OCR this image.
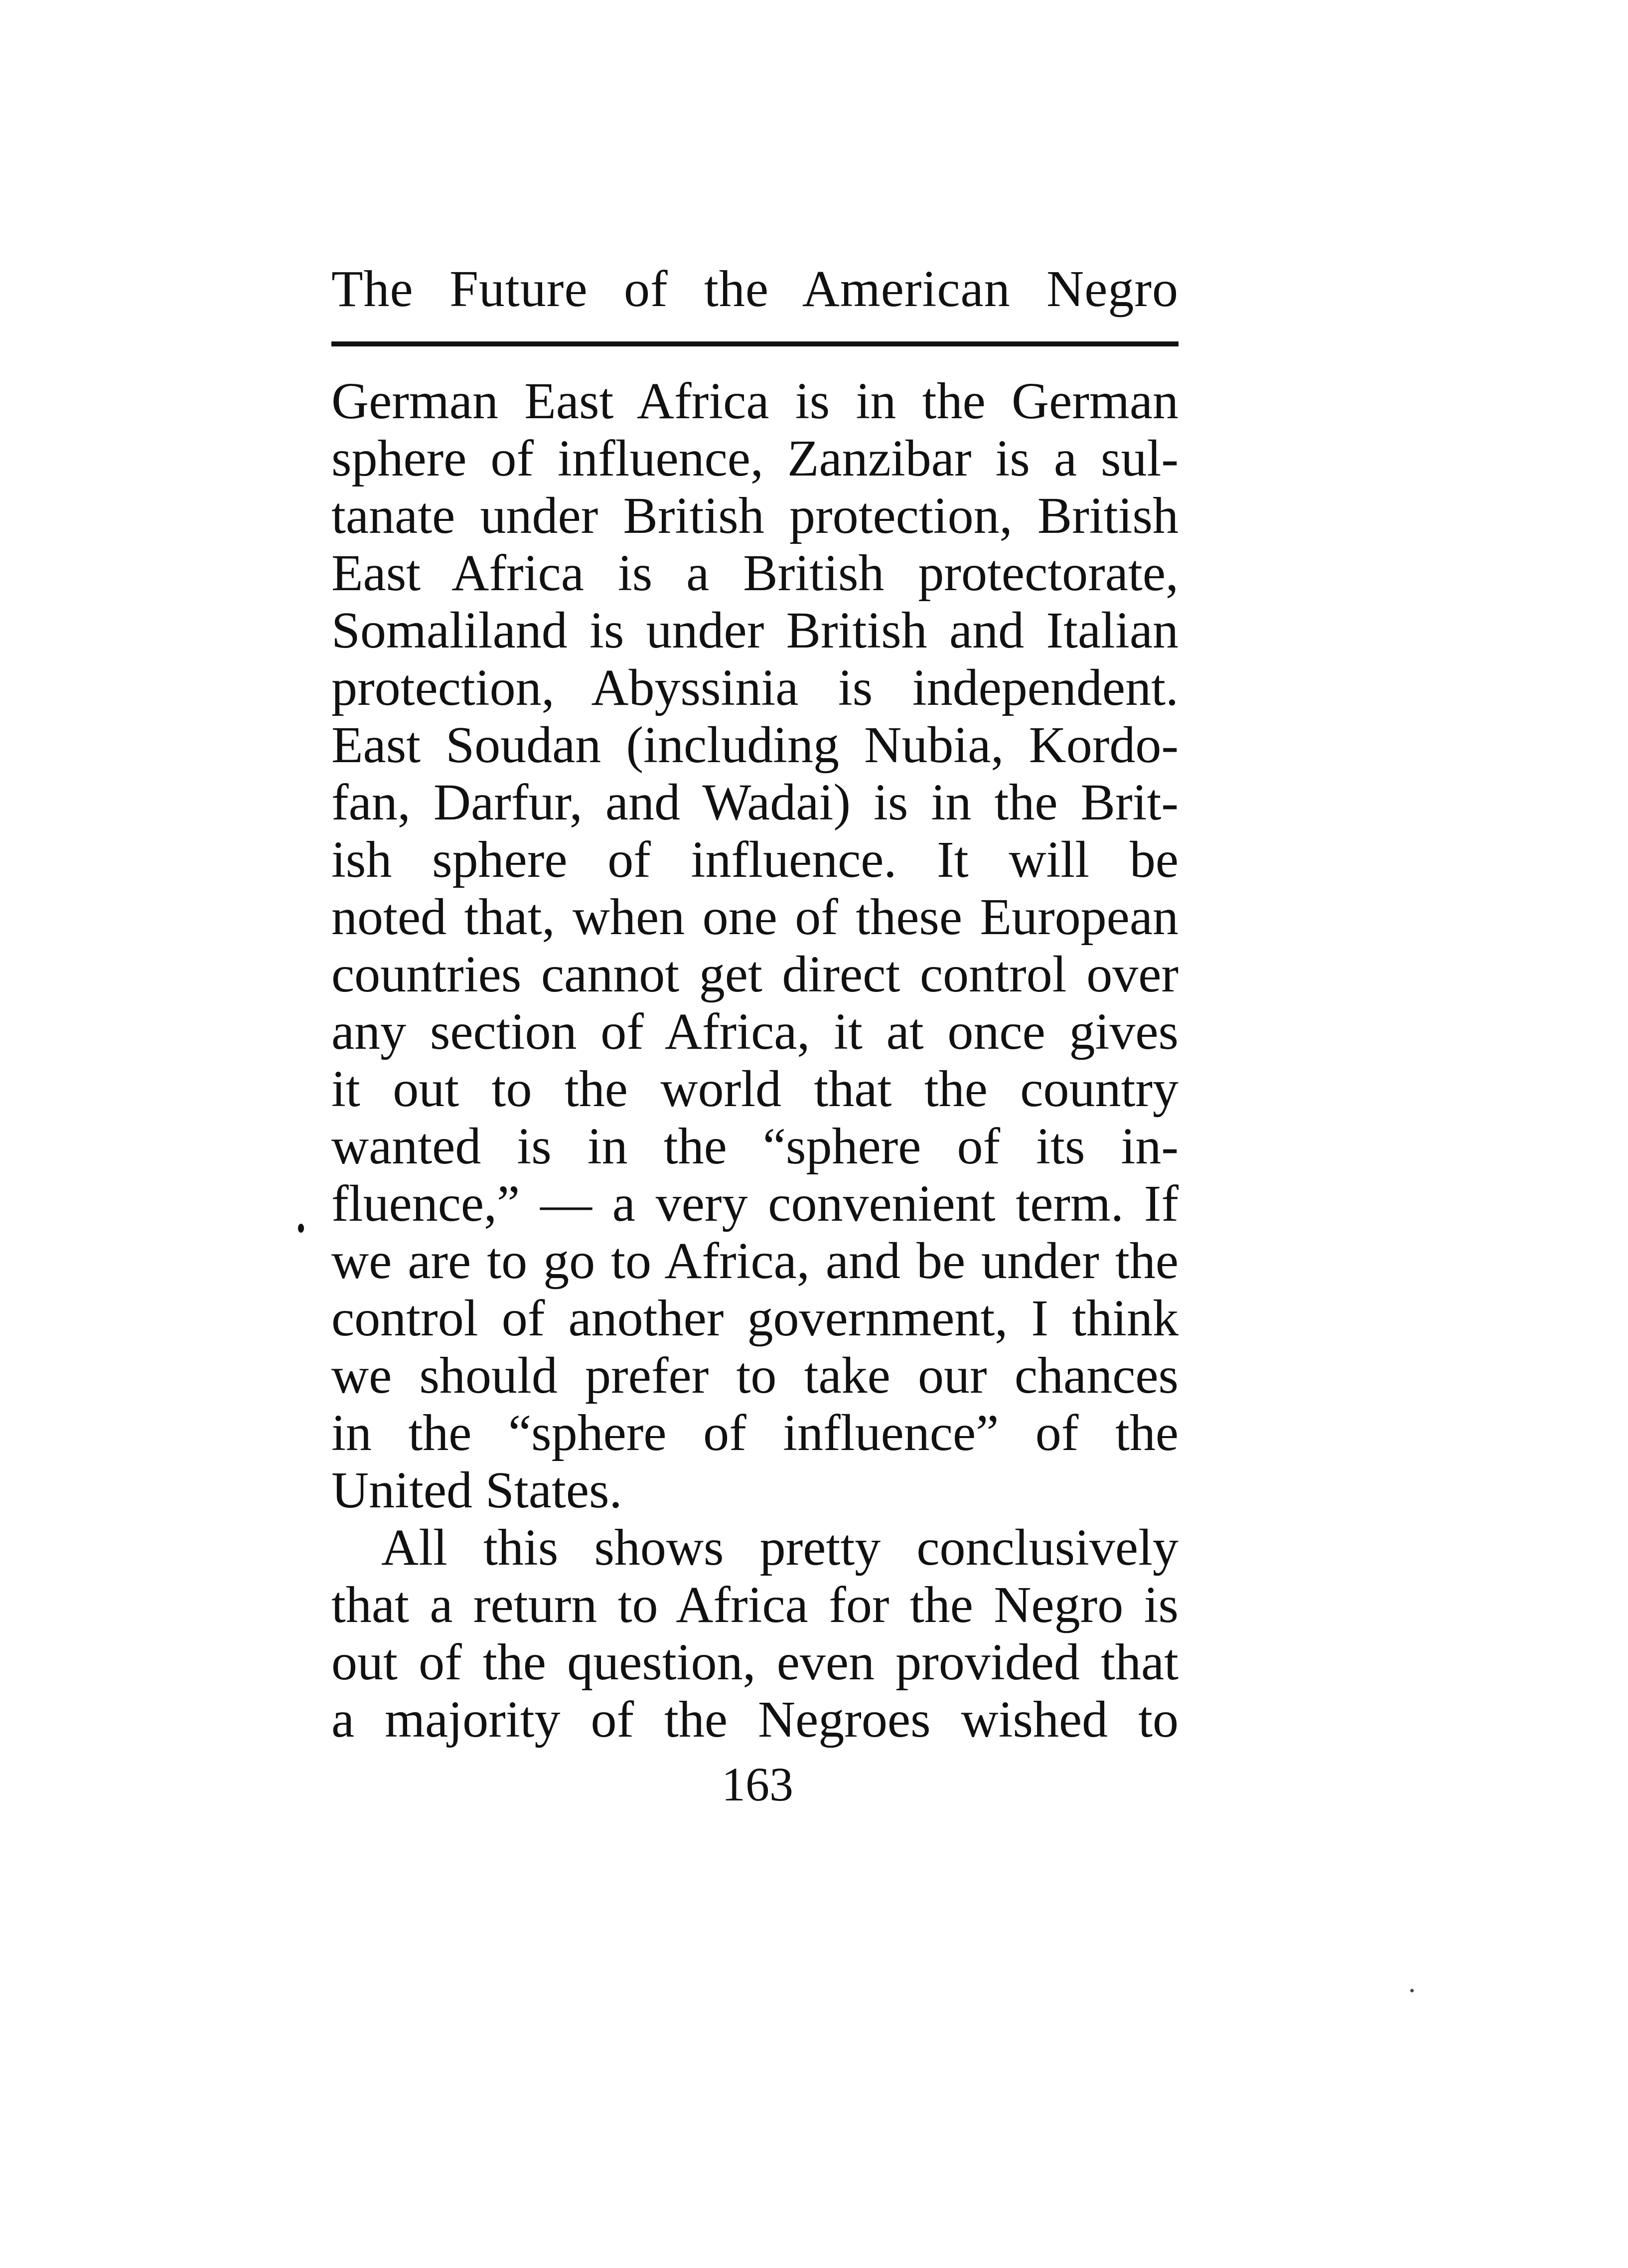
The Future of the American Negro
German East Africa is in the German
sphere of influence, Zanzibar is a sul-
tanate under British protection, British
East Africa is a British protectorate,
Somaliland is under British and Italian
protection, Abyssinia is independent.
East Soudan (including Nubia, Kordo-
fan, Darfur, and Wadai) is in the Brit-
ish sphere of influence. It will be
noted that, when one of these European
countries cannot get direct control over
any section of Africa, it at once gives
it out to the world that the country
wanted is in the “sphere of its in-
fluence,” — a very convenient term. If
we are to go to Africa, and be under the
control of another government, I think
we should prefer to take our chances
in the “sphere of influence” of the
United States.
All this shows pretty conclusively
that a return to Africa for the Negro is
out of the question, even provided that
a majority of the Negroes wished to
163
